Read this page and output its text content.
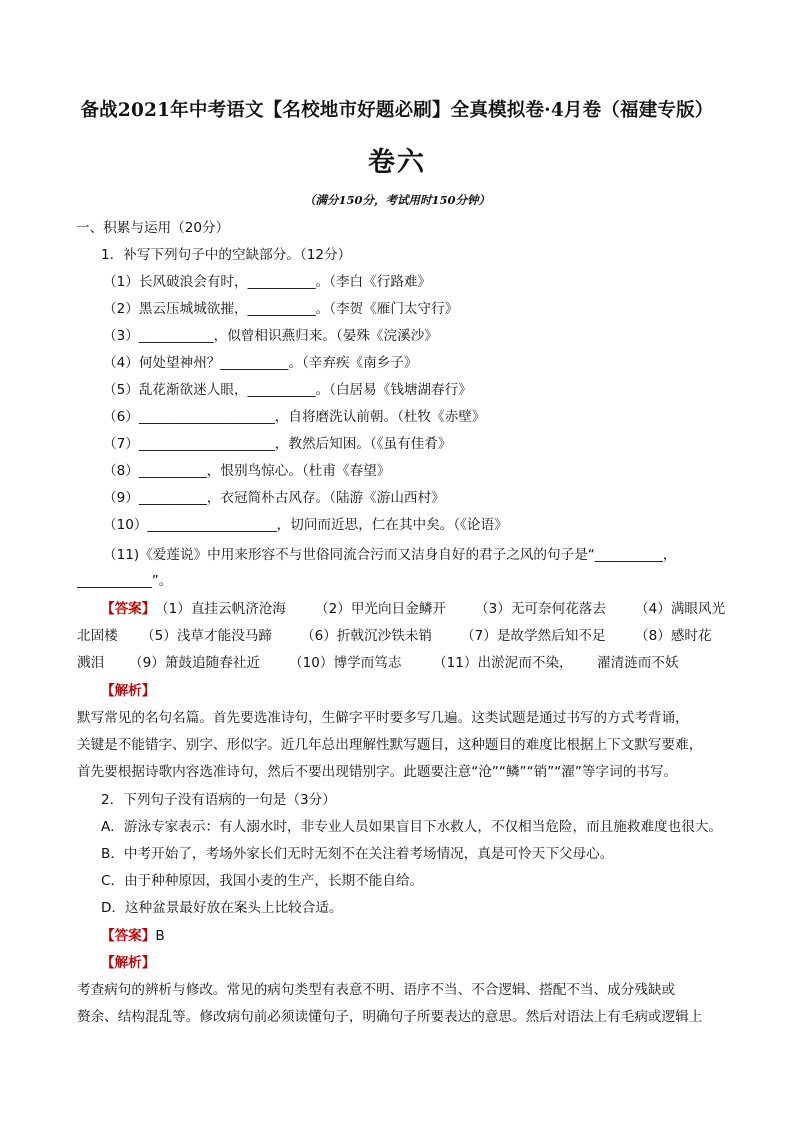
备战2021年中考语文【名校地市好题必刷】全真模拟卷·4月卷（福建专版）
卷六
（满分150分，考试用时150分钟）
一、积累与运用（20分）
1．补写下列句子中的空缺部分。（12分）
（1）长风破浪会有时，__________。（李白《行路难》
（2）黑云压城城欲摧，__________。（李贺《雁门太守行》
（3）___________，似曾相识燕归来。（晏殊《浣溪沙》
（4）何处望神州？__________。（辛弃疾《南乡子》
（5）乱花渐欲迷人眼，__________。（白居易《钱塘湖春行》
（6）____________________，自将磨洗认前朝。（杜牧《赤壁》
（7）____________________，教然后知困。（《虽有佳肴》
（8）__________，恨别鸟惊心。（杜甫《春望》
（9）__________，衣冠简朴古风存。（陆游《游山西村》
（10）___________________，切问而近思，仁在其中矣。（《论语》
（11)《爱莲说》中用来形容不与世俗同流合污而又洁身自好的君子之风的句子是“__________，
___________”。
【答案】 （1）直挂云帆济沧海 （2）甲光向日金鳞开 （3）无可奈何花落去 （4）满眼风光
北固楼 （5）浅草才能没马蹄 （6）折戟沉沙铁未销 （7）是故学然后知不足 （8）感时花
溅泪 （9）箫鼓追随春社近 （10）博学而笃志 （11）出淤泥而不染， 濯清涟而不妖
【解析】
默写常见的名句名篇。首先要选准诗句，生僻字平时要多写几遍。这类试题是通过书写的方式考背诵，
关键是不能错字、别字、形似字。近几年总出理解性默写题目，这种题目的难度比根据上下文默写要难，
首先要根据诗歌内容选准诗句，然后不要出现错别字。此题要注意“沧”“鳞”“销”“濯”等字词的书写。
2．下列句子没有语病的一句是（3分）
A．游泳专家表示：有人溺水时，非专业人员如果盲目下水救人，不仅相当危险，而且施救难度也很大。
B．中考开始了，考场外家长们无时无刻不在关注着考场情况，真是可怜天下父母心。
C．由于种种原因，我国小麦的生产，长期不能自给。
D．这种盆景最好放在案头上比较合适。
【答案】B
【解析】
考查病句的辨析与修改。常见的病句类型有表意不明、语序不当、不合逻辑、搭配不当、成分残缺或
赘余、结构混乱等。修改病句前必须读懂句子，明确句子所要表达的意思。然后对语法上有毛病或逻辑上
